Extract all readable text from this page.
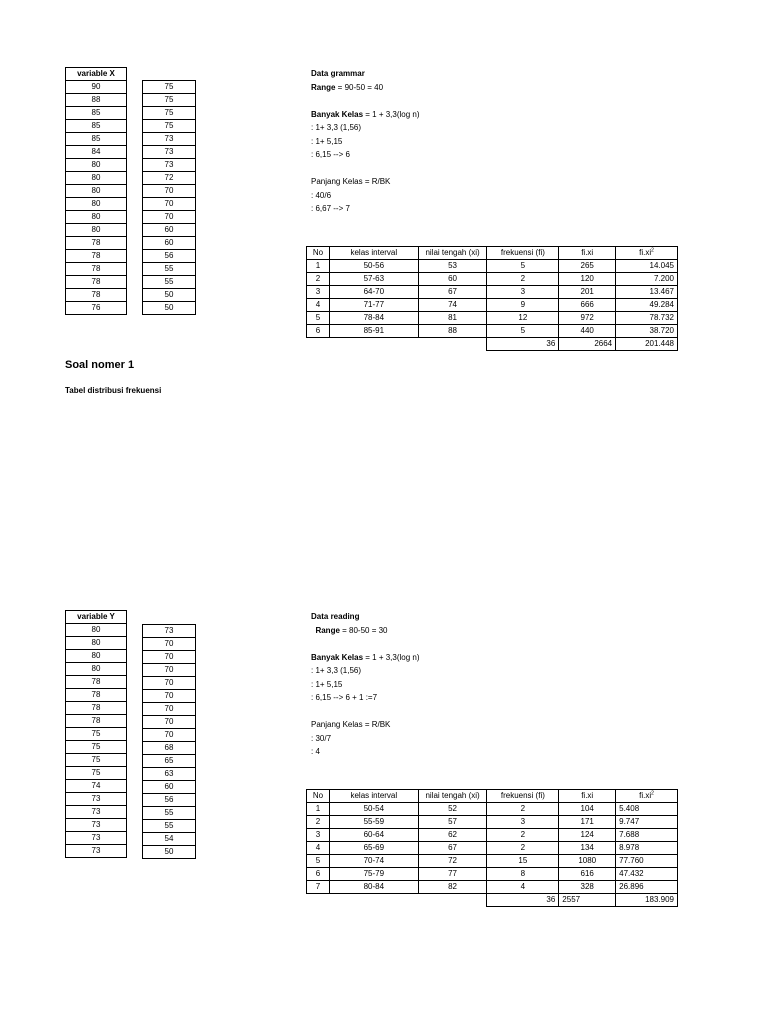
variable X
90
88
85
85
85
84
80
80
80
80
80
80
78
78
78
78
78
76
75
75
75
75
73
73
73
72
70
70
70
60
60
56
55
55
50
50
Data grammar
Range = 90-50 = 40

Banyak Kelas = 1 + 3,3(log n)
: 1+ 3,3 (1,56)
: 1+ 5,15
: 6,15 --> 6

Panjang Kelas = R/BK
: 40/6
: 6,67 --> 7
No	kelas interval	nilai tengah (xi)	frekuensi (fi)	fi.xi	$fi.xi^2$
1	50-56	53	5	265	14.045
2	57-63	60	2	120	7.200
3	64-70	67	3	201	13.467
4	71-77	74	9	666	49.284
5	78-84	81	12	972	78.732
6	85-91	88	5	440	38.720
			36	2664	201.448
Soal nomer 1
Tabel distribusi frekuensi
variable Y
80
80
80
80
78
78
78
78
75
75
75
75
74
73
73
73
73
73
73
70
70
70
70
70
70
70
70
68
65
63
60
56
55
55
54
50
Data reading
Range = 80-50 = 30

Banyak Kelas = 1 + 3,3(log n)
: 1+ 3,3 (1,56)
: 1+ 5,15
: 6,15 --> 6 + 1 :=7

Panjang Kelas = R/BK
: 30/7
: 4
No	kelas interval	nilai tengah (xi)	frekuensi (fi)	fi.xi	$fi.xi^2$
1	50-54	52	2	104	5.408
2	55-59	57	3	171	9.747
3	60-64	62	2	124	7.688
4	65-69	67	2	134	8.978
5	70-74	72	15	1080	77.760
6	75-79	77	8	616	47.432
7	80-84	82	4	328	26.896
			36	2557	183.909
